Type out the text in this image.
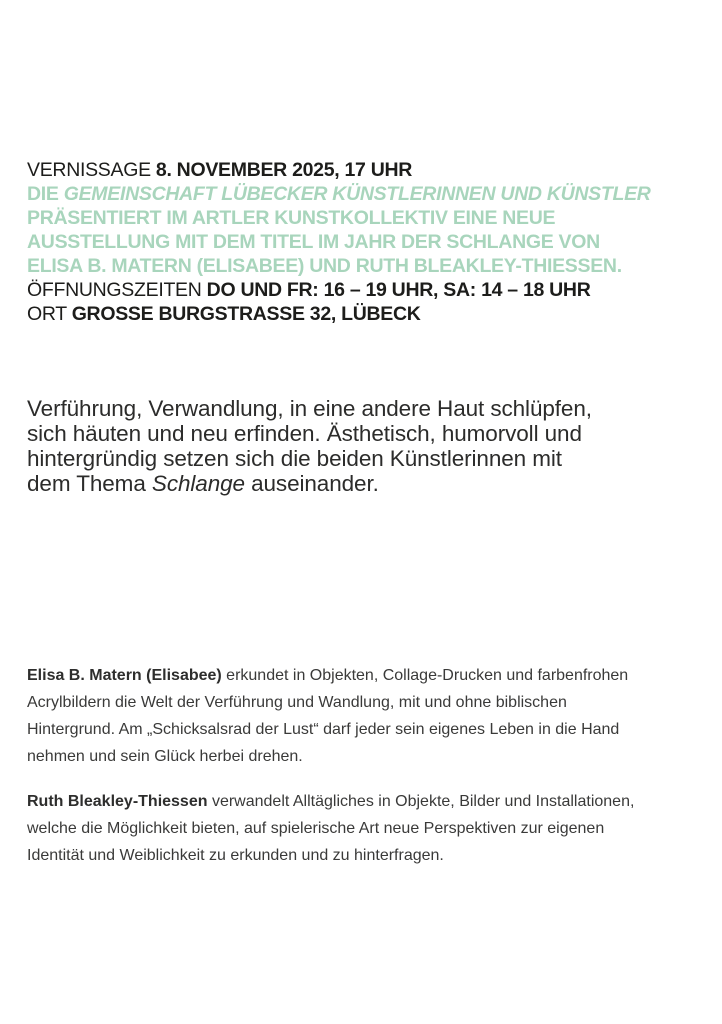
VERNISSAGE 8. NOVEMBER 2025, 17 UHR
DIE GEMEINSCHAFT LÜBECKER KÜNSTLERINNEN UND KÜNSTLER
PRÄSENTIERT IM ARTLER KUNSTKOLLEKTIV EINE NEUE
AUSSTELLUNG MIT DEM TITEL IM JAHR DER SCHLANGE VON
ELISA B. MATERN (ELISABEE) UND RUTH BLEAKLEY-THIESSEN.
ÖFFNUNGSZEITEN DO UND FR: 16 – 19 UHR, SA: 14 – 18 UHR
ORT GROSSE BURGSTRASSE 32, LÜBECK
Verführung, Verwandlung, in eine andere Haut schlüpfen,
sich häuten und neu erfinden. Ästhetisch, humorvoll und
hintergründig setzen sich die beiden Künstlerinnen mit
dem Thema Schlange auseinander.
Elisa B. Matern (Elisabee) erkundet in Objekten, Collage-Drucken und farbenfrohen
Acrylbildern die Welt der Verführung und Wandlung, mit und ohne biblischen
Hintergrund. Am „Schicksalsrad der Lust“ darf jeder sein eigenes Leben in die Hand
nehmen und sein Glück herbei drehen.
Ruth Bleakley-Thiessen verwandelt Alltägliches in Objekte, Bilder und Installationen,
welche die Möglichkeit bieten, auf spielerische Art neue Perspektiven zur eigenen
Identität und Weiblichkeit zu erkunden und zu hinterfragen.
